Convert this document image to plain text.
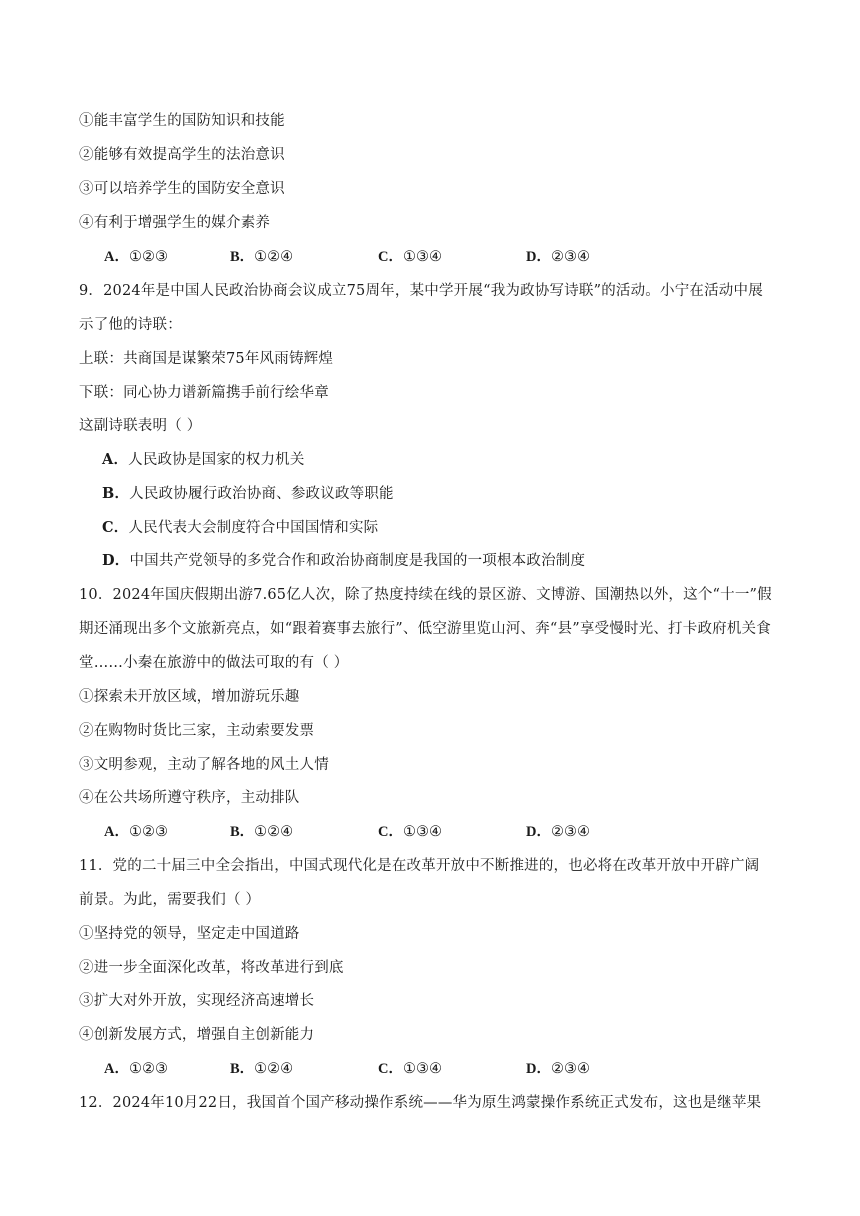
①能丰富学生的国防知识和技能
②能够有效提高学生的法治意识
③可以培养学生的国防安全意识
④有利于增强学生的媒介素养
A．①②③	B．①②④	C．①③④	D．②③④
9．2024年是中国人民政治协商会议成立75周年，某中学开展“我为政协写诗联”的活动。小宁在活动中展
示了他的诗联：
上联：共商国是谋繁荣75年风雨铸辉煌
下联：同心协力谱新篇携手前行绘华章
这副诗联表明（ ）
A．人民政协是国家的权力机关
B．人民政协履行政治协商、参政议政等职能
C．人民代表大会制度符合中国国情和实际
D．中国共产党领导的多党合作和政治协商制度是我国的一项根本政治制度
10．2024年国庆假期出游7.65亿人次，除了热度持续在线的景区游、文博游、国潮热以外，这个“十一”假
期还涌现出多个文旅新亮点，如“跟着赛事去旅行”、低空游里览山河、奔“县”享受慢时光、打卡政府机关食
堂……小秦在旅游中的做法可取的有（ ）
①探索未开放区域，增加游玩乐趣
②在购物时货比三家，主动索要发票
③文明参观，主动了解各地的风土人情
④在公共场所遵守秩序，主动排队
A．①②③	B．①②④	C．①③④	D．②③④
11．党的二十届三中全会指出，中国式现代化是在改革开放中不断推进的，也必将在改革开放中开辟广阔
前景。为此，需要我们（ ）
①坚持党的领导，坚定走中国道路
②进一步全面深化改革，将改革进行到底
③扩大对外开放，实现经济高速增长
④创新发展方式，增强自主创新能力
A．①②③	B．①②④	C．①③④	D．②③④
12．2024年10月22日，我国首个国产移动操作系统——华为原生鸿蒙操作系统正式发布，这也是继苹果
